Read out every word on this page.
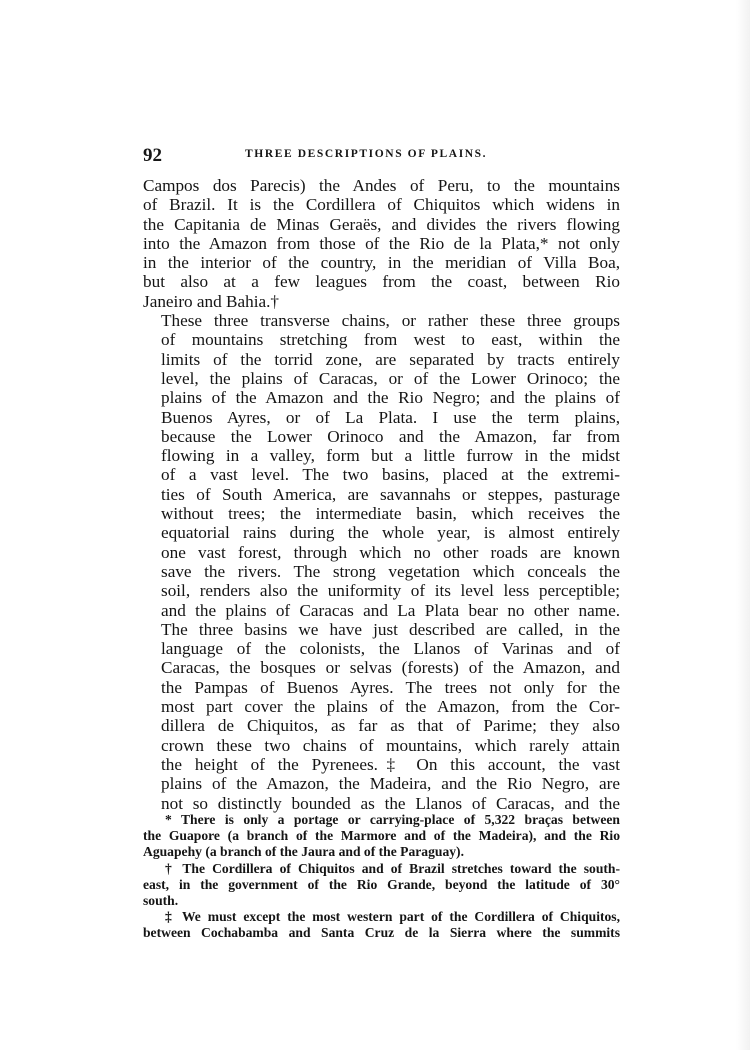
92	THREE DESCRIPTIONS OF PLAINS.

Campos dos Parecis) the Andes of Peru, to the mountains
of Brazil. It is the Cordillera of Chiquitos which widens in
the Capitania de Minas Geraës, and divides the rivers flowing
into the Amazon from those of the Rio de la Plata,* not only
in the interior of the country, in the meridian of Villa Boa,
but also at a few leagues from the coast, between Rio
Janeiro and Bahia.†

These three transverse chains, or rather these three groups
of mountains stretching from west to east, within the
limits of the torrid zone, are separated by tracts entirely
level, the plains of Caracas, or of the Lower Orinoco; the
plains of the Amazon and the Rio Negro; and the plains of
Buenos Ayres, or of La Plata. I use the term plains,
because the Lower Orinoco and the Amazon, far from
flowing in a valley, form but a little furrow in the midst
of a vast level. The two basins, placed at the extremi-
ties of South America, are savannahs or steppes, pasturage
without trees; the intermediate basin, which receives the
equatorial rains during the whole year, is almost entirely
one vast forest, through which no other roads are known
save the rivers. The strong vegetation which conceals the
soil, renders also the uniformity of its level less perceptible;
and the plains of Caracas and La Plata bear no other name.
The three basins we have just described are called, in the
language of the colonists, the Llanos of Varinas and of
Caracas, the bosques or selvas (forests) of the Amazon, and
the Pampas of Buenos Ayres. The trees not only for the
most part cover the plains of the Amazon, from the Cor-
dillera de Chiquitos, as far as that of Parime; they also
crown these two chains of mountains, which rarely attain
the height of the Pyrenees.‡ On this account, the vast
plains of the Amazon, the Madeira, and the Rio Negro, are
not so distinctly bounded as the Llanos of Caracas, and the

* There is only a portage or carrying-place of 5,322 braças between
the Guapore (a branch of the Marmore and of the Madeira), and the Rio
Aguapehy (a branch of the Jaura and of the Paraguay).
† The Cordillera of Chiquitos and of Brazil stretches toward the south-
east, in the government of the Rio Grande, beyond the latitude of 30°
south.
‡ We must except the most western part of the Cordillera of Chiquitos,
between Cochabamba and Santa Cruz de la Sierra where the summits
